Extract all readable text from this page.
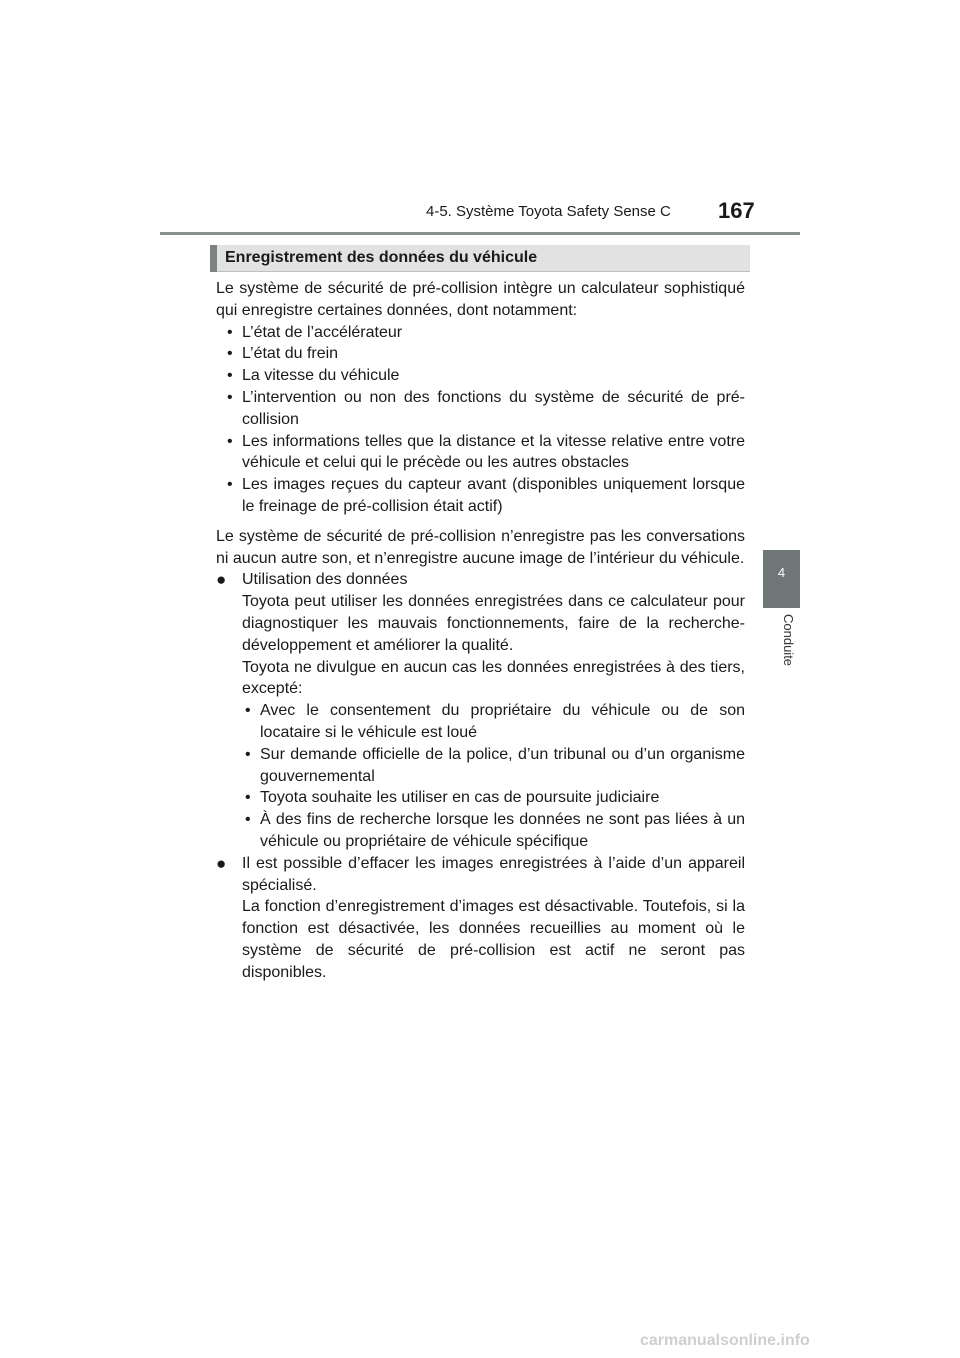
4-5. Système Toyota Safety Sense C 167
4
Conduite
Enregistrement des données du véhicule

Le système de sécurité de pré-collision intègre un calculateur sophistiqué qui enregistre certaines données, dont notamment:

• L’état de l’accélérateur

• L’état du frein

• La vitesse du véhicule

• L’intervention ou non des fonctions du système de sécurité de pré-collision

• Les informations telles que la distance et la vitesse relative entre votre véhicule et celui qui le précède ou les autres obstacles

• Les images reçues du capteur avant (disponibles uniquement lorsque le freinage de pré-collision était actif)

Le système de sécurité de pré-collision n’enregistre pas les conversations ni aucun autre son, et n’enregistre aucune image de l’intérieur du véhicule.

● Utilisation des données

Toyota peut utiliser les données enregistrées dans ce calculateur pour diagnostiquer les mauvais fonctionnements, faire de la recherche-développement et améliorer la qualité.

Toyota ne divulgue en aucun cas les données enregistrées à des tiers, excepté:

• Avec le consentement du propriétaire du véhicule ou de son locataire si le véhicule est loué

• Sur demande officielle de la police, d’un tribunal ou d’un organisme gouvernemental

• Toyota souhaite les utiliser en cas de poursuite judiciaire

• À des fins de recherche lorsque les données ne sont pas liées à un véhicule ou propriétaire de véhicule spécifique

● Il est possible d’effacer les images enregistrées à l’aide d’un appareil spécialisé.

La fonction d’enregistrement d’images est désactivable. Toutefois, si la fonction est désactivée, les données recueillies au moment où le système de sécurité de pré-collision est actif ne seront pas disponibles.

carmanualsonline.info
